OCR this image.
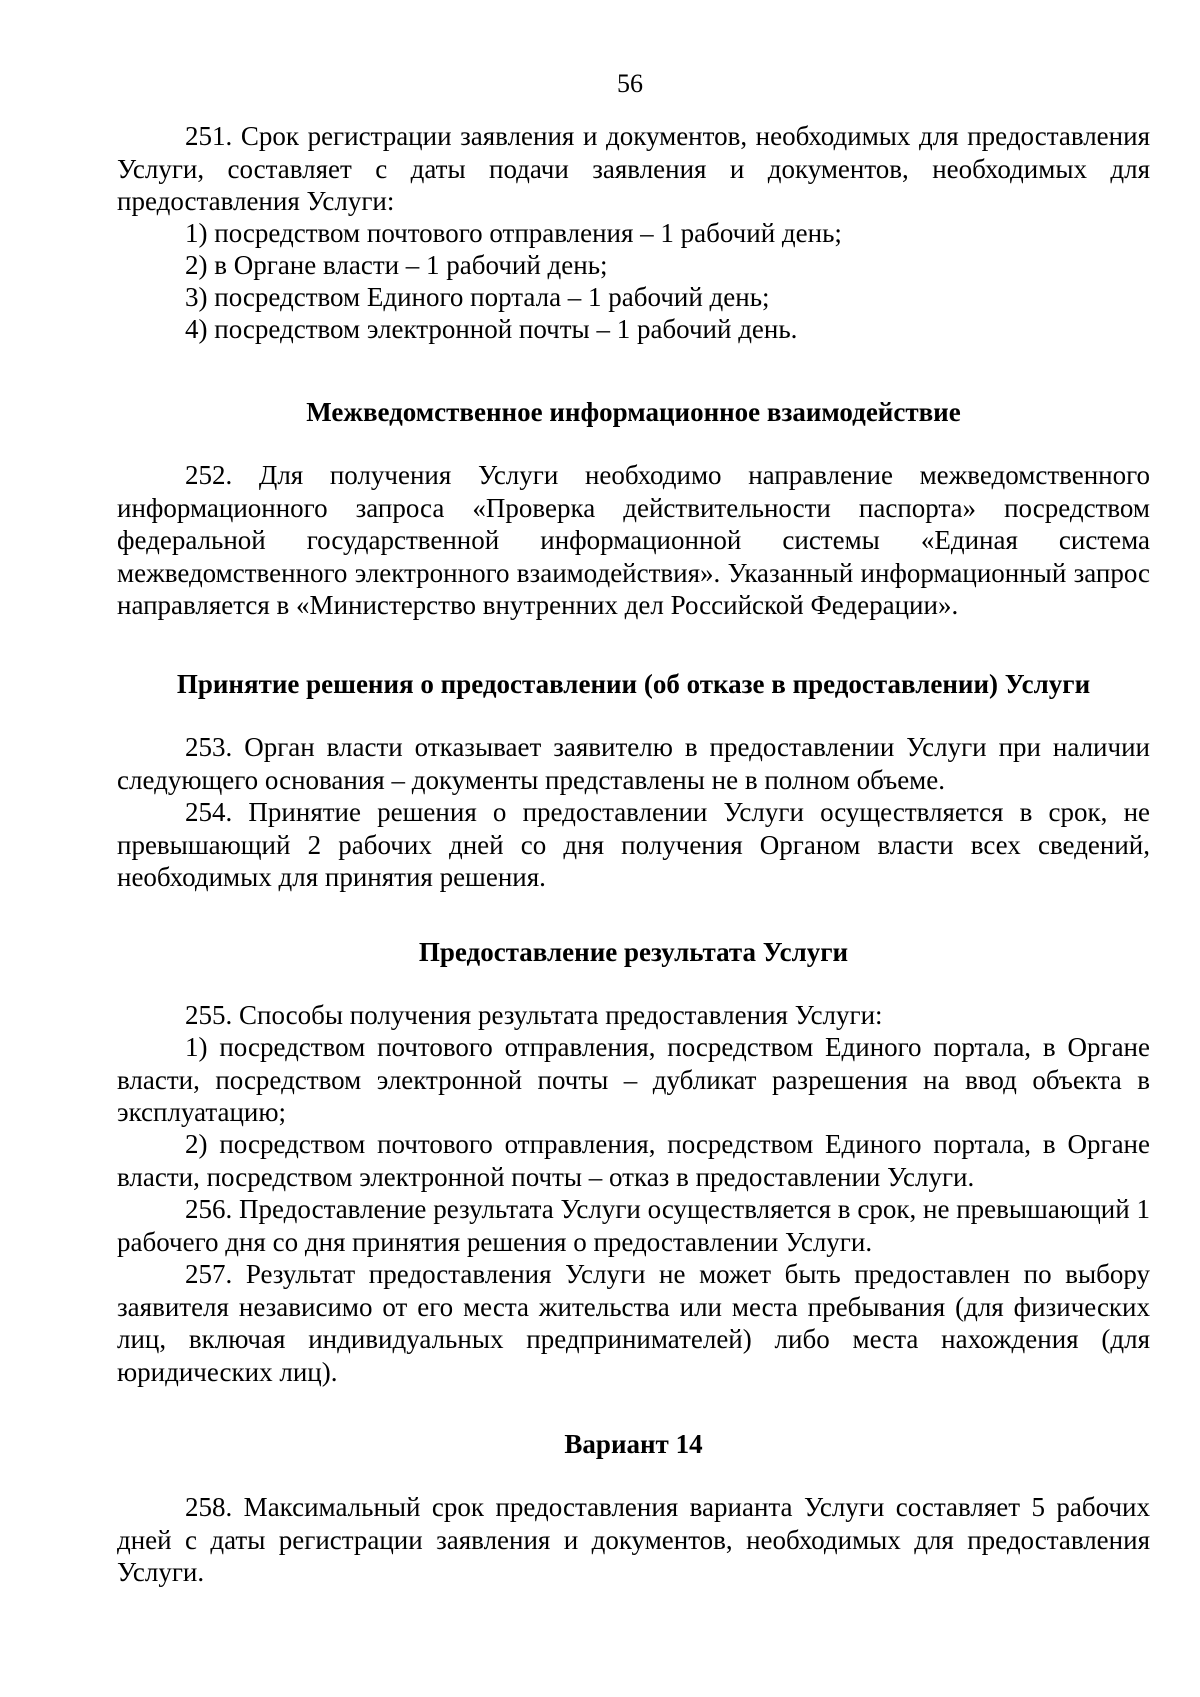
56

251. Срок регистрации заявления и документов, необходимых для предоставления Услуги, составляет с даты подачи заявления и документов, необходимых для предоставления Услуги:

1) посредством почтового отправления – 1 рабочий день;

2) в Органе власти – 1 рабочий день;

3) посредством Единого портала – 1 рабочий день;

4) посредством электронной почты – 1 рабочий день.

Межведомственное информационное взаимодействие

252. Для получения Услуги необходимо направление межведомственного информационного запроса «Проверка действительности паспорта» посредством федеральной государственной информационной системы «Единая система межведомственного электронного взаимодействия». Указанный информационный запрос направляется в «Министерство внутренних дел Российской Федерации».

Принятие решения о предоставлении (об отказе в предоставлении) Услуги

253. Орган власти отказывает заявителю в предоставлении Услуги при наличии следующего основания – документы представлены не в полном объеме.

254. Принятие решения о предоставлении Услуги осуществляется в срок, не превышающий 2 рабочих дней со дня получения Органом власти всех сведений, необходимых для принятия решения.

Предоставление результата Услуги

255. Способы получения результата предоставления Услуги:

1) посредством почтового отправления, посредством Единого портала, в Органе власти, посредством электронной почты – дубликат разрешения на ввод объекта в эксплуатацию;

2) посредством почтового отправления, посредством Единого портала, в Органе власти, посредством электронной почты – отказ в предоставлении Услуги.

256. Предоставление результата Услуги осуществляется в срок, не превышающий 1 рабочего дня со дня принятия решения о предоставлении Услуги.

257. Результат предоставления Услуги не может быть предоставлен по выбору заявителя независимо от его места жительства или места пребывания (для физических лиц, включая индивидуальных предпринимателей) либо места нахождения (для юридических лиц).

Вариант 14

258. Максимальный срок предоставления варианта Услуги составляет 5 рабочих дней с даты регистрации заявления и документов, необходимых для предоставления Услуги.
